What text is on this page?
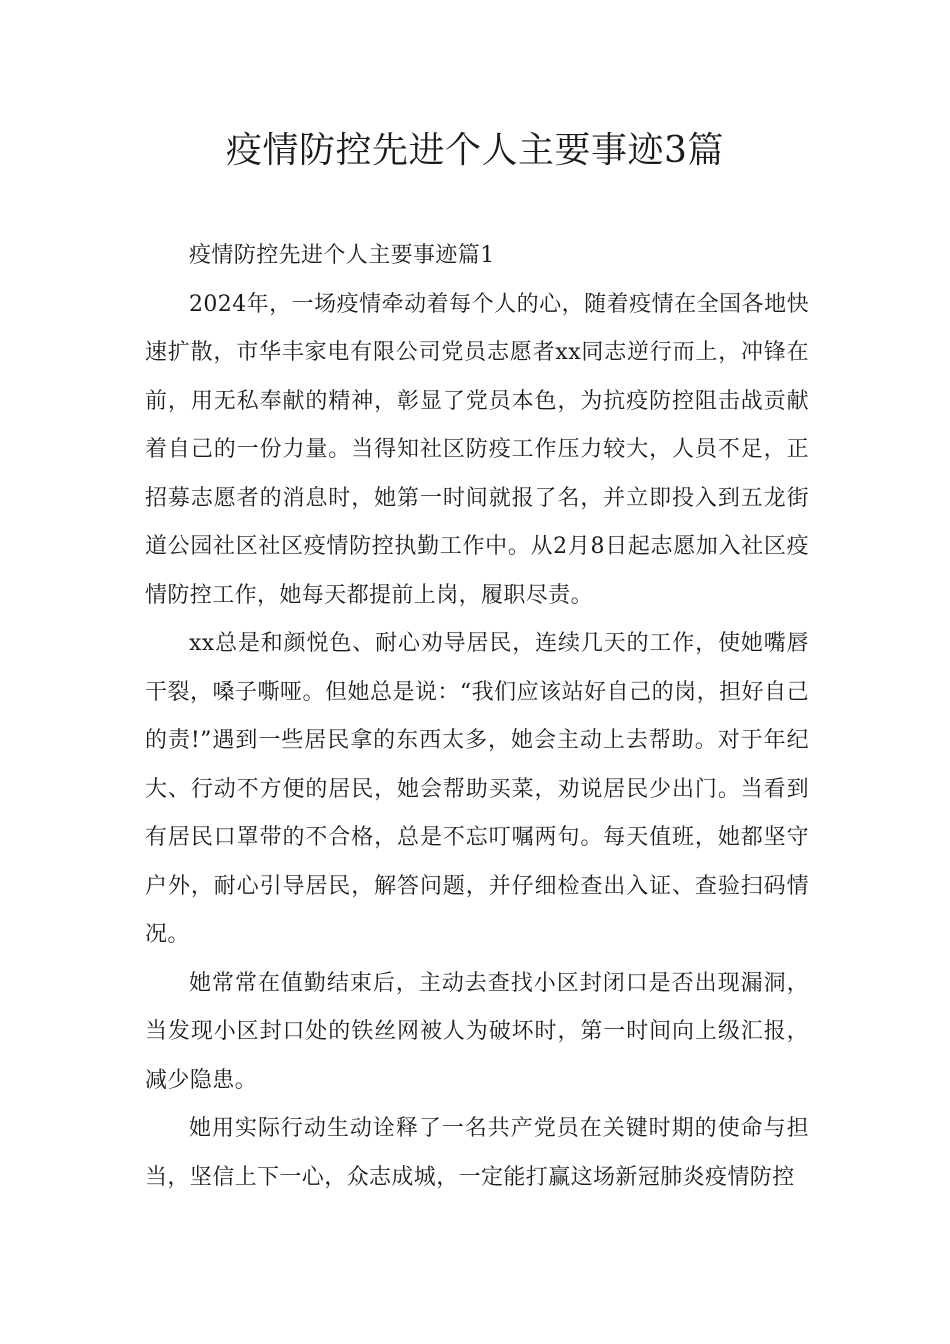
疫情防控先进个人主要事迹3篇

疫情防控先进个人主要事迹篇1

2024年，一场疫情牵动着每个人的心，随着疫情在全国各地快速扩散，市华丰家电有限公司党员志愿者xx同志逆行而上，冲锋在前，用无私奉献的精神，彰显了党员本色，为抗疫防控阻击战贡献着自己的一份力量。当得知社区防疫工作压力较大，人员不足，正招募志愿者的消息时，她第一时间就报了名，并立即投入到五龙街道公园社区社区疫情防控执勤工作中。从2月8日起志愿加入社区疫情防控工作，她每天都提前上岗，履职尽责。

xx总是和颜悦色、耐心劝导居民，连续几天的工作，使她嘴唇干裂，嗓子嘶哑。但她总是说：“我们应该站好自己的岗，担好自己的责!”遇到一些居民拿的东西太多，她会主动上去帮助。对于年纪大、行动不方便的居民，她会帮助买菜，劝说居民少出门。当看到有居民口罩带的不合格，总是不忘叮嘱两句。每天值班，她都坚守户外，耐心引导居民，解答问题，并仔细检查出入证、查验扫码情况。

她常常在值勤结束后，主动去查找小区封闭口是否出现漏洞，当发现小区封口处的铁丝网被人为破坏时，第一时间向上级汇报，减少隐患。

她用实际行动生动诠释了一名共产党员在关键时期的使命与担当，坚信上下一心，众志成城，一定能打赢这场新冠肺炎疫情防控
